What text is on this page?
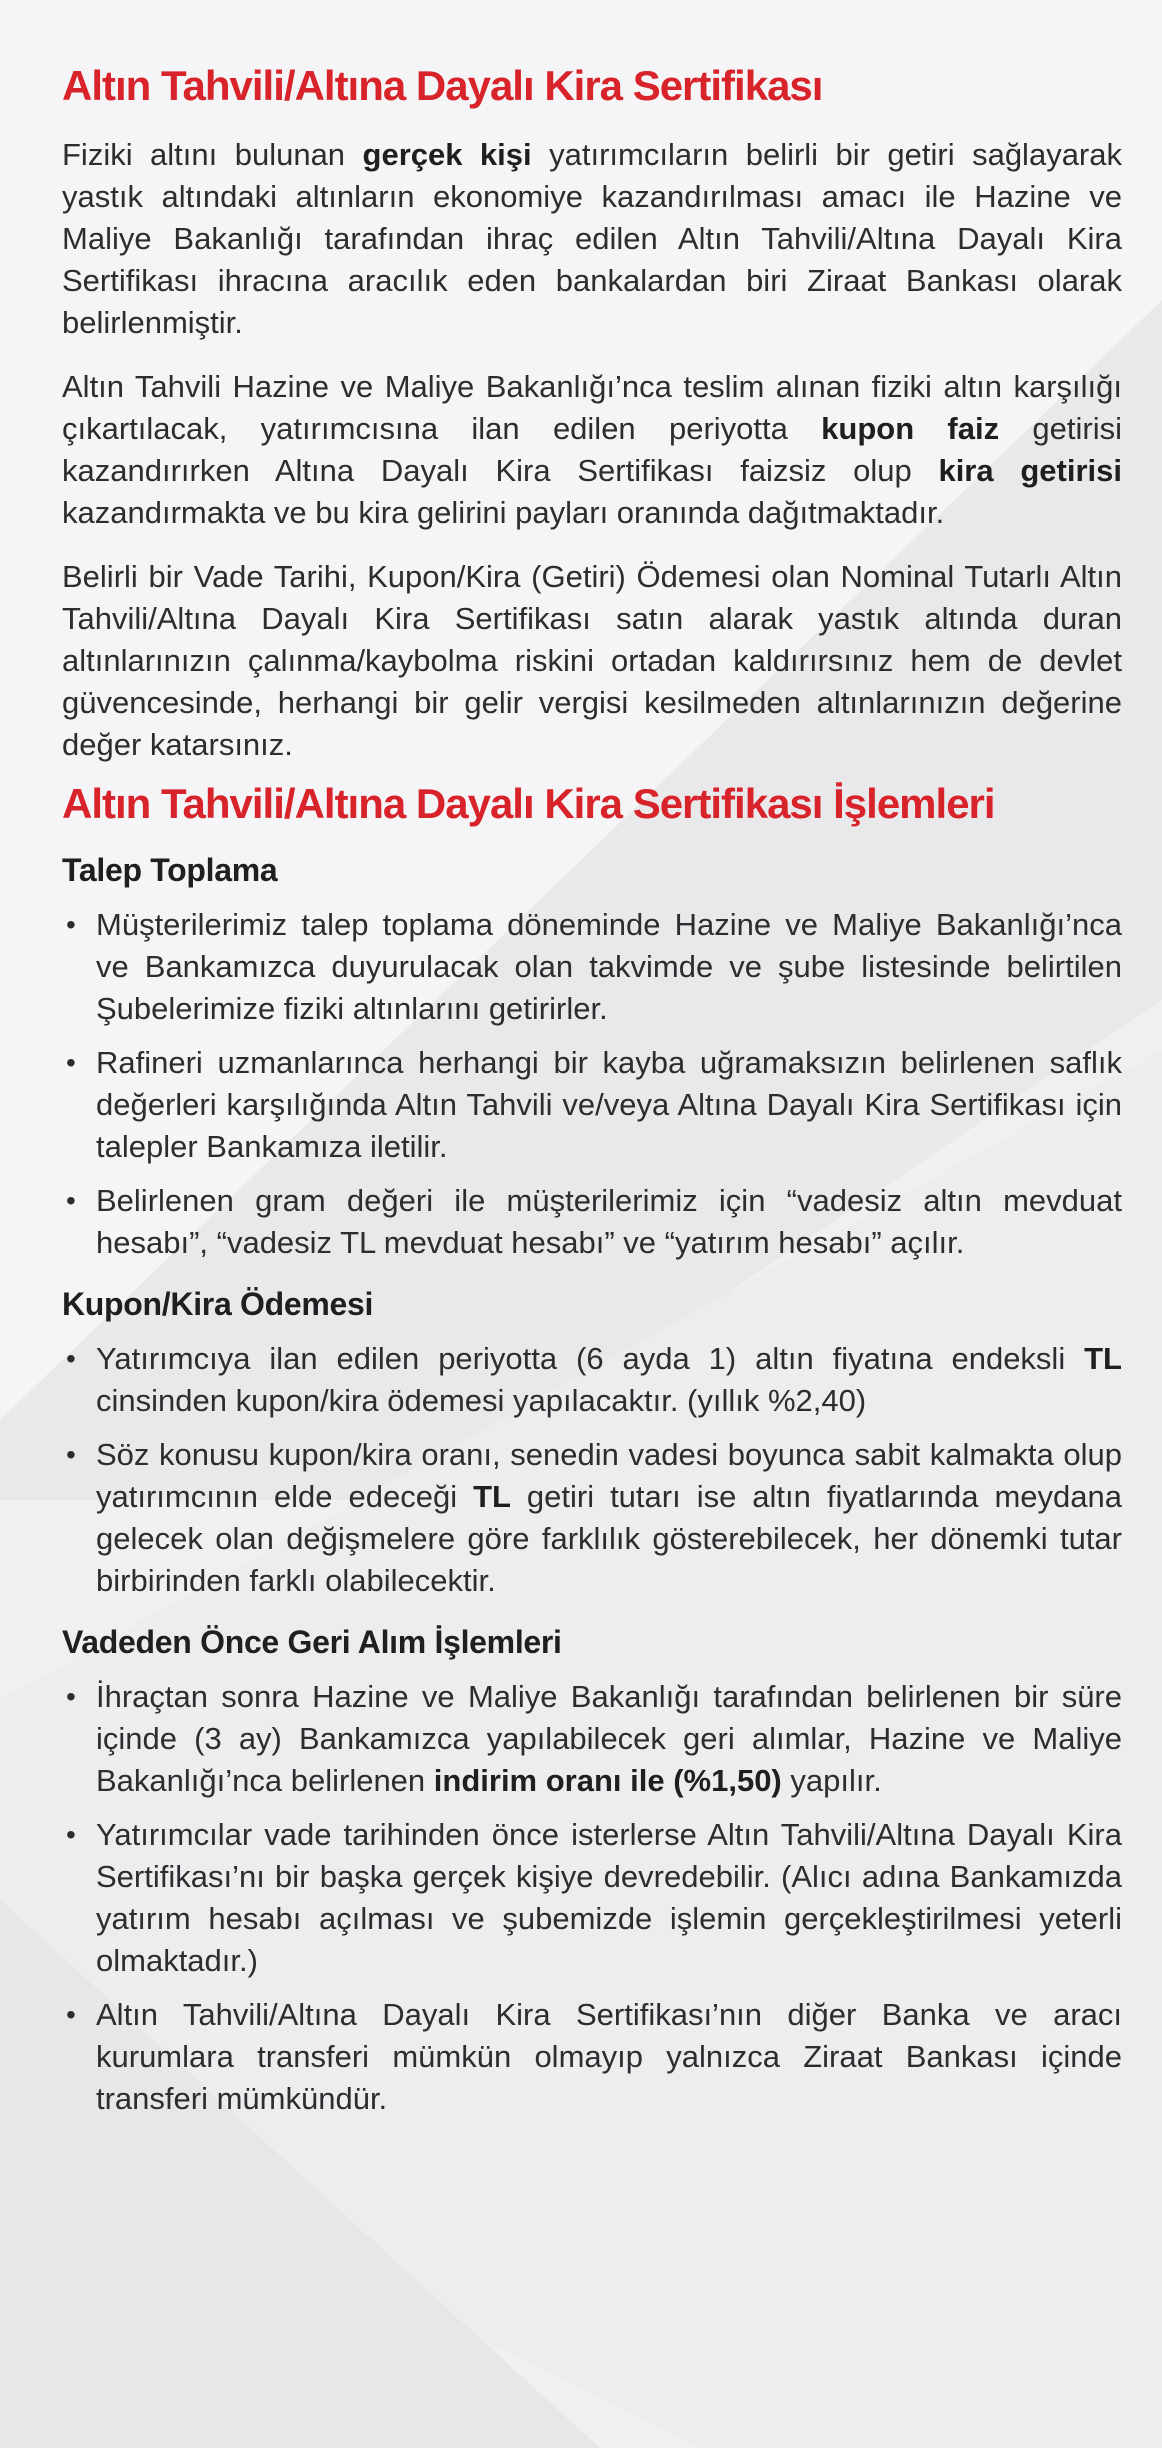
Altın Tahvili/Altına Dayalı Kira Sertifikası

Fiziki altını bulunan gerçek kişi yatırımcıların belirli bir getiri sağlayarak yastık altındaki altınların ekonomiye kazandırılması amacı ile Hazine ve Maliye Bakanlığı tarafından ihraç edilen Altın Tahvili/Altına Dayalı Kira Sertifikası ihracına aracılık eden bankalardan biri Ziraat Bankası olarak belirlenmiştir.

Altın Tahvili Hazine ve Maliye Bakanlığı’nca teslim alınan fiziki altın karşılığı çıkartılacak, yatırımcısına ilan edilen periyotta kupon faiz getirisi kazandırırken Altına Dayalı Kira Sertifikası faizsiz olup kira getirisi kazandırmakta ve bu kira gelirini payları oranında dağıtmaktadır.

Belirli bir Vade Tarihi, Kupon/Kira (Getiri) Ödemesi olan Nominal Tutarlı Altın Tahvili/Altına Dayalı Kira Sertifikası satın alarak yastık altında duran altınlarınızın çalınma/kaybolma riskini ortadan kaldırırsınız hem de devlet güvencesinde, herhangi bir gelir vergisi kesilmeden altınlarınızın değerine değer katarsınız.

Altın Tahvili/Altına Dayalı Kira Sertifikası İşlemleri
Talep Toplama
• Müşterilerimiz talep toplama döneminde Hazine ve Maliye Bakanlığı’nca ve Bankamızca duyurulacak olan takvimde ve şube listesinde belirtilen Şubelerimize fiziki altınlarını getirirler.
• Rafineri uzmanlarınca herhangi bir kayba uğramaksızın belirlenen saflık değerleri karşılığında Altın Tahvili ve/veya Altına Dayalı Kira Sertifikası için talepler Bankamıza iletilir.
• Belirlenen gram değeri ile müşterilerimiz için “vadesiz altın mevduat hesabı”, “vadesiz TL mevduat hesabı” ve “yatırım hesabı” açılır.
Kupon/Kira Ödemesi
• Yatırımcıya ilan edilen periyotta (6 ayda 1) altın fiyatına endeksli TL cinsinden kupon/kira ödemesi yapılacaktır. (yıllık %2,40)
• Söz konusu kupon/kira oranı, senedin vadesi boyunca sabit kalmakta olup yatırımcının elde edeceği TL getiri tutarı ise altın fiyatlarında meydana gelecek olan değişmelere göre farklılık gösterebilecek, her dönemki tutar birbirinden farklı olabilecektir.
Vadeden Önce Geri Alım İşlemleri
• İhraçtan sonra Hazine ve Maliye Bakanlığı tarafından belirlenen bir süre içinde (3 ay) Bankamızca yapılabilecek geri alımlar, Hazine ve Maliye Bakanlığı’nca belirlenen indirim oranı ile (%1,50) yapılır.
• Yatırımcılar vade tarihinden önce isterlerse Altın Tahvili/Altına Dayalı Kira Sertifikası’nı bir başka gerçek kişiye devredebilir. (Alıcı adına Bankamızda yatırım hesabı açılması ve şubemizde işlemin gerçekleştirilmesi yeterli olmaktadır.)
• Altın Tahvili/Altına Dayalı Kira Sertifikası’nın diğer Banka ve aracı kurumlara transferi mümkün olmayıp yalnızca Ziraat Bankası içinde transferi mümkündür.
